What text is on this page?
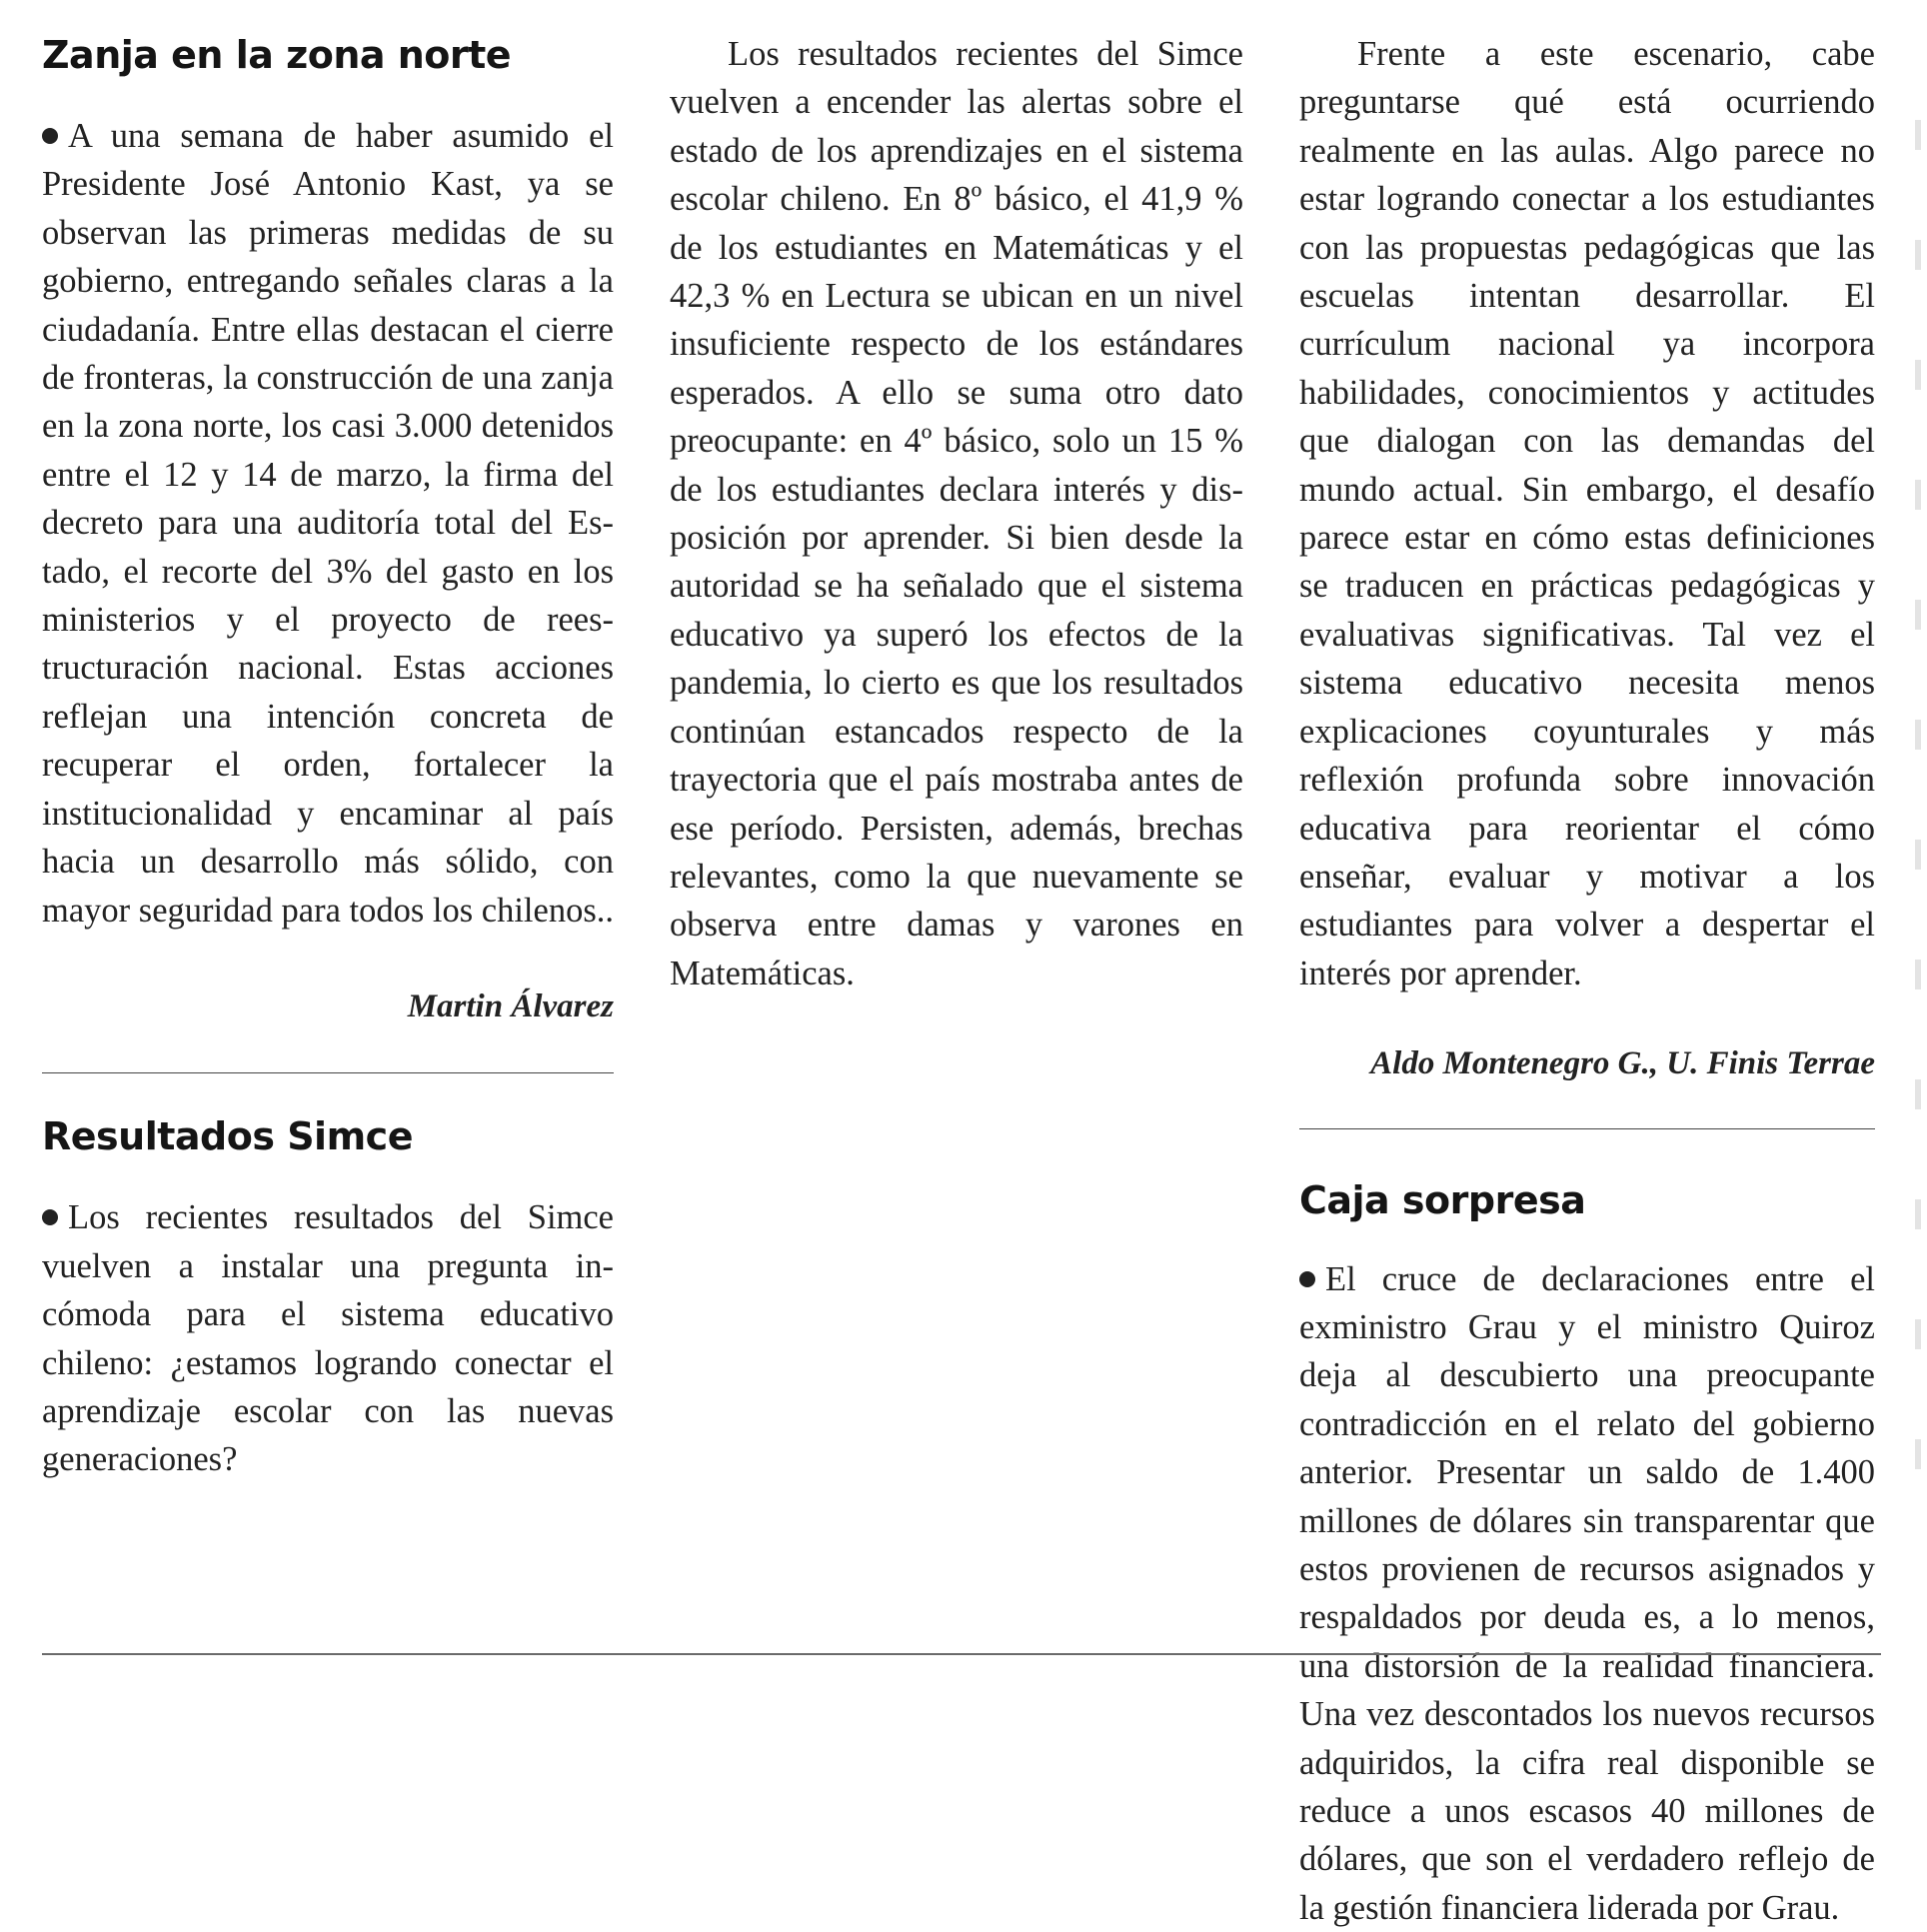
Zanja en la zona norte

A una semana de haber asumido el Presidente José Antonio Kast, ya se observan las primeras medidas de su gobierno, entregando señales claras a la ciudadanía. Entre ellas destacan el cierre de fronteras, la construcción de una zanja en la zona norte, los casi 3.000 detenidos entre el 12 y 14 de marzo, la firma del decreto para una auditoría total del Estado, el recorte del 3% del gasto en los ministerios y el proyecto de reestructuración nacional. Estas acciones reflejan una intención concreta de recuperar el orden, fortalecer la institucionalidad y encaminar al país hacia un desarrollo más sólido, con mayor seguridad para todos los chilenos..

Martin Álvarez

Resultados Simce

Los recientes resultados del Simce vuelven a instalar una pregunta incómoda para el sistema educativo chileno: ¿estamos logrando conectar el aprendizaje escolar con las nuevas generaciones?

Los resultados recientes del Simce vuelven a encender las alertas sobre el estado de los aprendizajes en el sistema escolar chileno. En 8º básico, el 41,9 % de los estudiantes en Matemáticas y el 42,3 % en Lectura se ubican en un nivel insuficiente respecto de los estándares esperados. A ello se suma otro dato preocupante: en 4º básico, solo un 15 % de los estudiantes declara interés y disposición por aprender. Si bien desde la autoridad se ha señalado que el sistema educativo ya superó los efectos de la pandemia, lo cierto es que los resultados continúan estancados respecto de la trayectoria que el país mostraba antes de ese período. Persisten, además, brechas relevantes, como la que nuevamente se observa entre damas y varones en Matemáticas.

Frente a este escenario, cabe preguntarse qué está ocurriendo realmente en las aulas. Algo parece no estar logrando conectar a los estudiantes con las propuestas pedagógicas que las escuelas intentan desarrollar. El currículum nacional ya incorpora habilidades, conocimientos y actitudes que dialogan con las demandas del mundo actual. Sin embargo, el desafío parece estar en cómo estas definiciones se traducen en prácticas pedagógicas y evaluativas significativas. Tal vez el sistema educativo necesita menos explicaciones coyunturales y más reflexión profunda sobre innovación educativa para reorientar el cómo enseñar, evaluar y motivar a los estudiantes para volver a despertar el interés por aprender.

Aldo Montenegro G., U. Finis Terrae

Caja sorpresa

El cruce de declaraciones entre el exministro Grau y el ministro Quiroz deja al descubierto una preocupante contradicción en el relato del gobierno anterior. Presentar un saldo de 1.400 millones de dólares sin transparentar que estos provienen de recursos asignados y respaldados por deuda es, a lo menos, una distorsión de la realidad financiera. Una vez descontados los nuevos recursos adquiridos, la cifra real disponible se reduce a unos escasos 40 millones de dólares, que son el verdadero reflejo de la gestión financiera liderada por Grau.
